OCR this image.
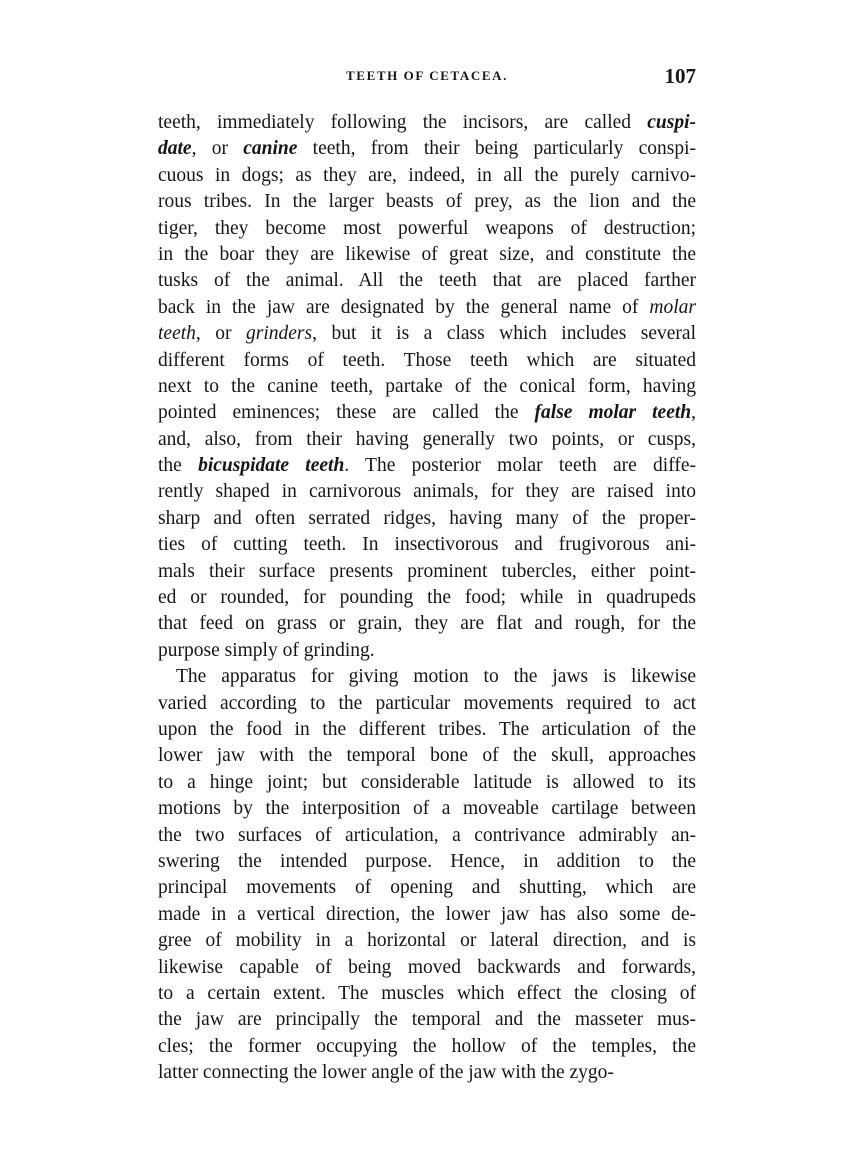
TEETH OF CETACEA.	107

teeth, immediately following the incisors, are called cuspi-
date, or canine teeth, from their being particularly conspi-
cuous in dogs; as they are, indeed, in all the purely carnivo-
rous tribes. In the larger beasts of prey, as the lion and the
tiger, they become most powerful weapons of destruction;
in the boar they are likewise of great size, and constitute the
tusks of the animal. All the teeth that are placed farther
back in the jaw are designated by the general name of molar
teeth, or grinders, but it is a class which includes several
different forms of teeth. Those teeth which are situated
next to the canine teeth, partake of the conical form, having
pointed eminences; these are called the false molar teeth,
and, also, from their having generally two points, or cusps,
the bicuspidate teeth. The posterior molar teeth are diffe-
rently shaped in carnivorous animals, for they are raised into
sharp and often serrated ridges, having many of the proper-
ties of cutting teeth. In insectivorous and frugivorous ani-
mals their surface presents prominent tubercles, either point-
ed or rounded, for pounding the food; while in quadrupeds
that feed on grass or grain, they are flat and rough, for the
purpose simply of grinding.

The apparatus for giving motion to the jaws is likewise
varied according to the particular movements required to act
upon the food in the different tribes. The articulation of the
lower jaw with the temporal bone of the skull, approaches
to a hinge joint; but considerable latitude is allowed to its
motions by the interposition of a moveable cartilage between
the two surfaces of articulation, a contrivance admirably an-
swering the intended purpose. Hence, in addition to the
principal movements of opening and shutting, which are
made in a vertical direction, the lower jaw has also some de-
gree of mobility in a horizontal or lateral direction, and is
likewise capable of being moved backwards and forwards,
to a certain extent. The muscles which effect the closing of
the jaw are principally the temporal and the masseter mus-
cles; the former occupying the hollow of the temples, the
latter connecting the lower angle of the jaw with the zygo-
